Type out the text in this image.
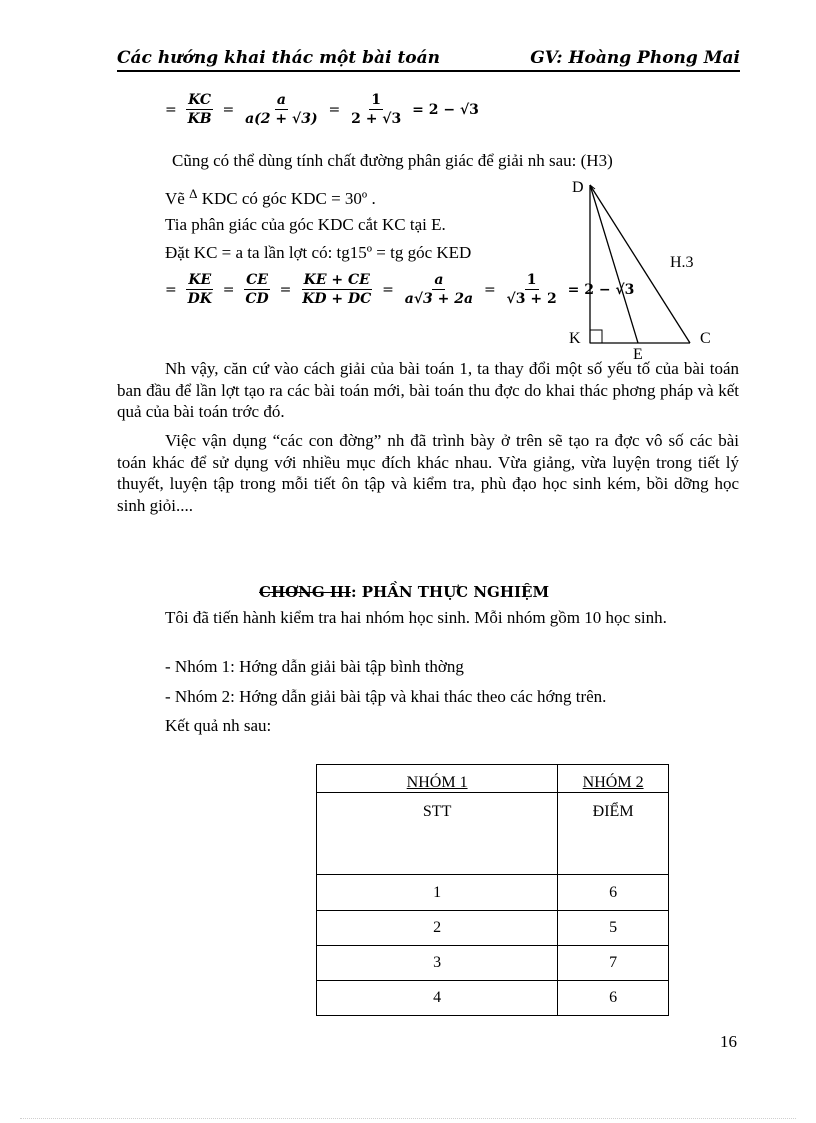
Các hướng khai thác một bài toán	GV: Hoàng Phong Mai
= $\frac{KC}{KB} = \frac{a}{a(2 + √3)} = \frac{1}{2 + √3} = 2 - √3$
Cũng có thể dùng tính chất đường phân giác để giải nh sau: (H3)
Vẽ $^\Delta$ KDC có góc KDC = 30º .
Tia phân giác của góc KDC cắt KC tại E.
Đặt KC = a ta lần lợt có: tg15º = tg góc KED
= $\frac{KE}{DK} = \frac{CE}{CD} = \frac{KE + CE}{KD + DC} = \frac{a}{a√3 + 2a} = \frac{1}{√3 + 2} = 2 - √3$
D
K	C
E
H.3
Nh vậy, căn cứ vào cách giải của bài toán 1, ta thay đổi một số yếu tố của bài toán ban đầu để lần lợt tạo ra các bài toán mới, bài toán thu đợc do khai thác phơng pháp và kết quả của bài toán trớc đó.
Việc vận dụng “các con đờng” nh đã trình bày ở trên sẽ tạo ra đợc vô số các bài toán khác để sử dụng với nhiều mục đích khác nhau. Vừa giảng, vừa luyện trong tiết lý thuyết, luyện tập trong mỗi tiết ôn tập và kiểm tra, phù đạo học sinh kém, bồi dỡng học sinh giỏi....
CHƠNG III: PHẦN THỰC NGHIỆM
Tôi đã tiến hành kiểm tra hai nhóm học sinh. Mỗi nhóm gồm 10 học sinh.
- Nhóm 1: Hớng dẫn giải bài tập bình thờng
- Nhóm 2: Hớng dẫn giải bài tập và khai thác theo các hớng trên.
Kết quả nh sau:
NHÓM 1	NHÓM 2
STT	ĐIỂM
1	6
2	5
3	7
4	6
16
